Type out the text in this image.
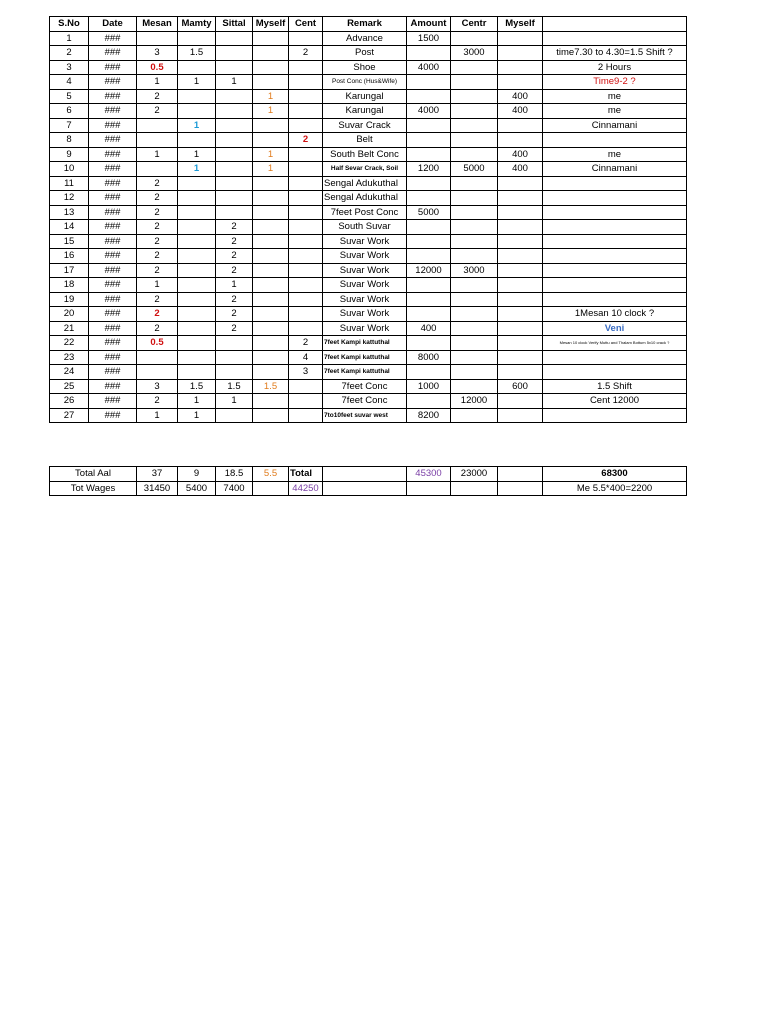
S.No	Date	Mesan	Mamty	Sittal	Myself	Cent	Remark	Amount	Centr	Myself	
1	###						Advance	1500			
2	###	3	1.5			2	Post		3000		time7.30 to 4.30=1.5 Shift ?
3	###	0.5					Shoe	4000			2 Hours
4	###	1	1	1			Post Conc (Hus&Wife)				Time9-2 ?
5	###	2			1		Karungal			400	me
6	###	2			1		Karungal	4000		400	me
7	###		1				Suvar Crack				Cinnamani
8	###					2	Belt				
9	###	1	1		1		South Belt Conc			400	me
10	###		1		1		Half Sevar Crack, Soil	1200	5000	400	Cinnamani
11	###	2					Sengal Adukuthal				
12	###	2					Sengal Adukuthal				
13	###	2					7feet Post Conc	5000			
14	###	2		2			South Suvar				
15	###	2		2			Suvar Work				
16	###	2		2			Suvar Work				
17	###	2		2			Suvar Work	12000	3000		
18	###	1		1			Suvar Work				
19	###	2		2			Suvar Work				
20	###	2		2			Suvar Work				1Mesan 10 clock ?
21	###	2		2			Suvar Work	400			Veni
22	###	0.5				2	7feet Kampi kattuthal				Mesan 10 clock Verify Muttu and Thalam Bottum 5x10 crack ?
23	###					4	7feet Kampi kattuthal	8000			
24	###					3	7feet Kampi kattuthal				
25	###	3	1.5	1.5	1.5		7feet Conc	1000		600	1.5 Shift
26	###	2	1	1			7feet Conc		12000		Cent 12000
27	###	1	1				7to10feet suvar west	8200			
Total Aal	37	9	18.5	5.5	Total		45300	23000		68300
Tot Wages	31450	5400	7400		44250					Me 5.5*400=2200
